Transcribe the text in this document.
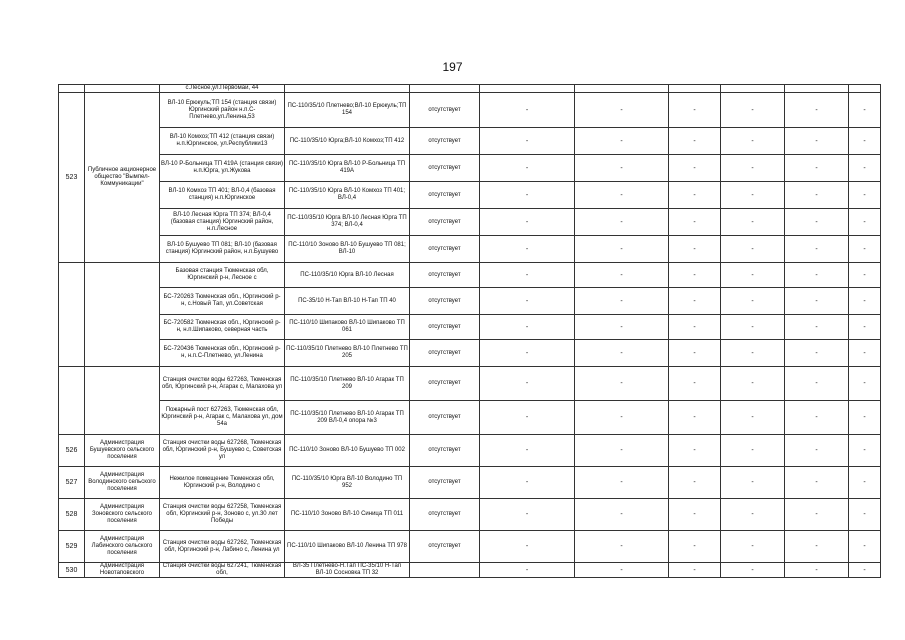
197
		с.Лесное,ул.Первомай, 44								
523	Публичное акционерное общество "Вымпел-Коммуникации"	ВЛ-10 Ерюкуль;ТП 154 (станция связи) Юргинский район н.п.С-Плетнево,ул.Ленина,53	ПС-110/35/10 Плетнево;ВЛ-10 Ерюкуль;ТП 154	отсутствует	-	-	-	-	-	-
		ВЛ-10 Комхоз;ТП 412 (станция связи) н.п.Юргинское, ул.Республики13	ПС-110/35/10 Юрга;ВЛ-10 Комхоз;ТП 412	отсутствует	-	-	-	-	-	-
		ВЛ-10 Р-Больница ТП 419А (станция связи) н.п.Юрга, ул.Жукова	ПС-110/35/10 Юрга ВЛ-10 Р-Больница ТП 419А	отсутствует	-	-	-	-	-	-
		ВЛ-10 Комхоз ТП 401; ВЛ-0,4 (базовая станция) н.п.Юргинское	ПС-110/35/10 Юрга ВЛ-10 Комхоз ТП 401; ВЛ-0,4	отсутствует	-	-	-	-	-	-
		ВЛ-10 Лесная Юрга ТП 374; ВЛ-0,4 (базовая станция) Юргинский район, н.п.Лесное	ПС-110/35/10 Юрга ВЛ-10 Лесная Юрга ТП 374; ВЛ-0,4	отсутствует	-	-	-	-	-	-
		ВЛ-10 Бушуево ТП 081; ВЛ-10 (базовая станция) Юргинский район, н.п.Бушуево	ПС-110/10 Зоново ВЛ-10 Бушуево ТП 081; ВЛ-10	отсутствует	-	-	-	-	-	-
		Базовая станция Тюменская обл, Юргинский р-н, Лесное с	ПС-110/35/10 Юрга ВЛ-10 Лесная	отсутствует	-	-	-	-	-	-
		БС-720263 Тюменская обл., Юргинский р-н, с.Новый Тап, ул.Советская	ПС-35/10 Н-Тап ВЛ-10 Н-Тап ТП 40	отсутствует	-	-	-	-	-	-
		БС-720582 Тюменская обл., Юргинский р-н, н.п.Шипаково, северная часть	ПС-110/10 Шипаково ВЛ-10 Шипаково ТП 061	отсутствует	-	-	-	-	-	-
		БС-720436 Тюменская обл., Юргинский р-н, н.п.С-Плетнево, ул.Ленина	ПС-110/35/10 Плетнево ВЛ-10 Плетнево ТП 205	отсутствует	-	-	-	-	-	-
		Станция очистки воды 627263, Тюменская обл, Юргинский р-н, Агарак с, Малахова ул	ПС-110/35/10 Плетнево ВЛ-10 Агарак ТП 209	отсутствует	-	-	-	-	-	-
		Пожарный пост 627263, Тюменская обл, Юргинский р-н, Агарак с, Малахова ул, дом 54а	ПС-110/35/10 Плетнево ВЛ-10 Агарак ТП 209 ВЛ-0,4 опора №3	отсутствует	-	-	-	-	-	-
526	Администрация Бушуевского сельского поселения	Станция очистки воды 627268, Тюменская обл, Юргинский р-н, Бушуево с, Советская ул	ПС-110/10 Зоново ВЛ-10 Бушуево ТП 002	отсутствует	-	-	-	-	-	-
527	Администрация Володинского сельского поселения	Нежилое помещение Тюменская обл, Юргинский р-н, Володино с	ПС-110/35/10 Юрга ВЛ-10 Володино ТП 952	отсутствует	-	-	-	-	-	-
528	Администрация Зоновского сельского поселения	Станция очистки воды 627258, Тюменская обл, Юргинский р-н, Зоново с, ул.30 лет Победы	ПС-110/10 Зоново ВЛ-10 Синица ТП 011	отсутствует	-	-	-	-	-	-
529	Администрация Лабинского сельского поселения	Станция очистки воды 627262, Тюменская обл, Юргинский р-н, Лабино с, Ленина ул	ПС-110/10 Шипаково ВЛ-10 Ленина ТП 978	отсутствует	-	-	-	-	-	-
530	Администрация Новотаповского	Станция очистки воды 627241, Тюменская обл,	ВЛ-35 Плетнево-Н.Тап ПС-35/10 Н-Тап ВЛ-10 Сосновка ТП 32		-	-	-	-	-	-
